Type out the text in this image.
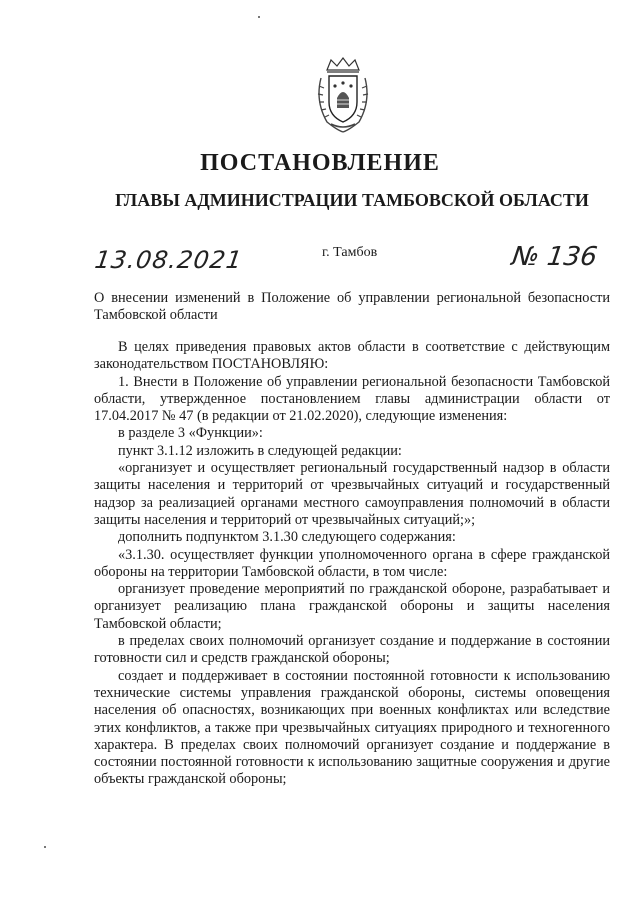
ПОСТАНОВЛЕНИЕ
ГЛАВЫ АДМИНИСТРАЦИИ ТАМБОВСКОЙ ОБЛАСТИ
13.08.2021	г. Тамбов	№ 136
О внесении изменений в Положение об управлении региональной безопасности Тамбовской области

В целях приведения правовых актов области в соответствие с действующим законодательством ПОСТАНОВЛЯЮ:

1. Внести в Положение об управлении региональной безопасности Тамбовской области, утвержденное постановлением главы администрации области от 17.04.2017 № 47 (в редакции от 21.02.2020), следующие изменения:

в разделе 3 «Функции»:

пункт 3.1.12 изложить в следующей редакции:

«организует и осуществляет региональный государственный надзор в области защиты населения и территорий от чрезвычайных ситуаций и государственный надзор за реализацией органами местного самоуправления полномочий в области защиты населения и территорий от чрезвычайных ситуаций;»;

дополнить подпунктом 3.1.30 следующего содержания:

«3.1.30. осуществляет функции уполномоченного органа в сфере гражданской обороны на территории Тамбовской области, в том числе:

организует проведение мероприятий по гражданской обороне, разрабатывает и организует реализацию плана гражданской обороны и защиты населения Тамбовской области;

в пределах своих полномочий организует создание и поддержание в состоянии готовности сил и средств гражданской обороны;

создает и поддерживает в состоянии постоянной готовности к использованию технические системы управления гражданской обороны, системы оповещения населения об опасностях, возникающих при военных конфликтах или вследствие этих конфликтов, а также при чрезвычайных ситуациях природного и техногенного характера. В пределах своих полномочий организует создание и поддержание в состоянии постоянной готовности к использованию защитные сооружения и другие объекты гражданской обороны;
